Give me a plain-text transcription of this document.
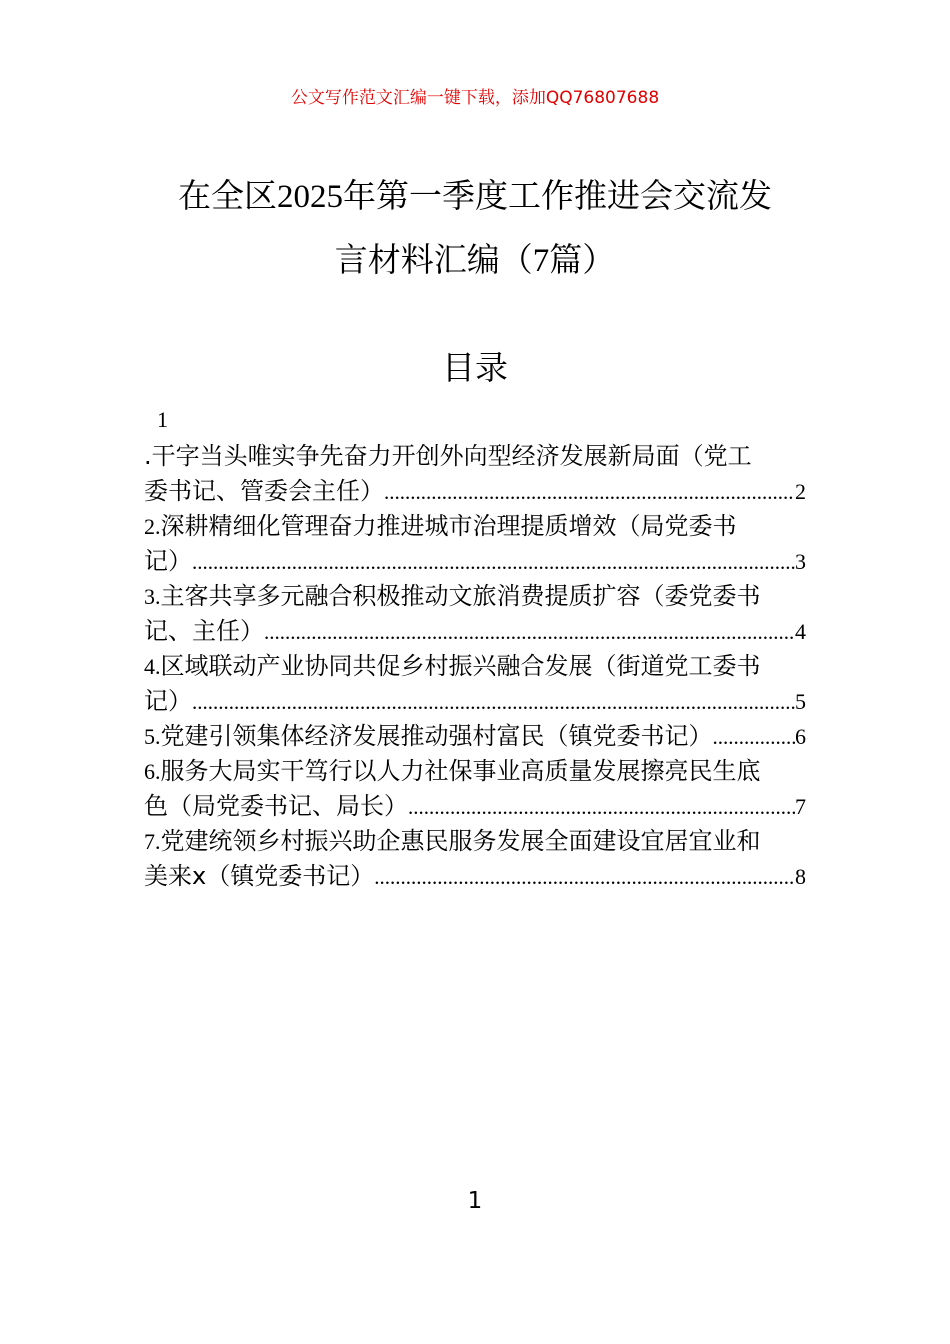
公文写作范文汇编一键下载，添加QQ76807688
在全区2025年第一季度工作推进会交流发
言材料汇编（7篇）
目录
1
.干字当头唯实争先奋力开创外向型经济发展新局面（党工
委书记、管委会主任） .....	2
2.深耕精细化管理奋力推进城市治理提质增效（局党委书
记） .....	3
3.主客共享多元融合积极推动文旅消费提质扩容（委党委书
记、主任） .....	4
4.区域联动产业协同共促乡村振兴融合发展（街道党工委书
记） .....	5
5. 党建引领集体经济发展推动强村富民（镇党委书记） .....	6
6.服务大局实干笃行以人力社保事业高质量发展擦亮民生底
色（局党委书记、局长） .....	7
7.党建统领乡村振兴助企惠民服务发展全面建设宜居宜业和
美来x（镇党委书记） .....	8
1
